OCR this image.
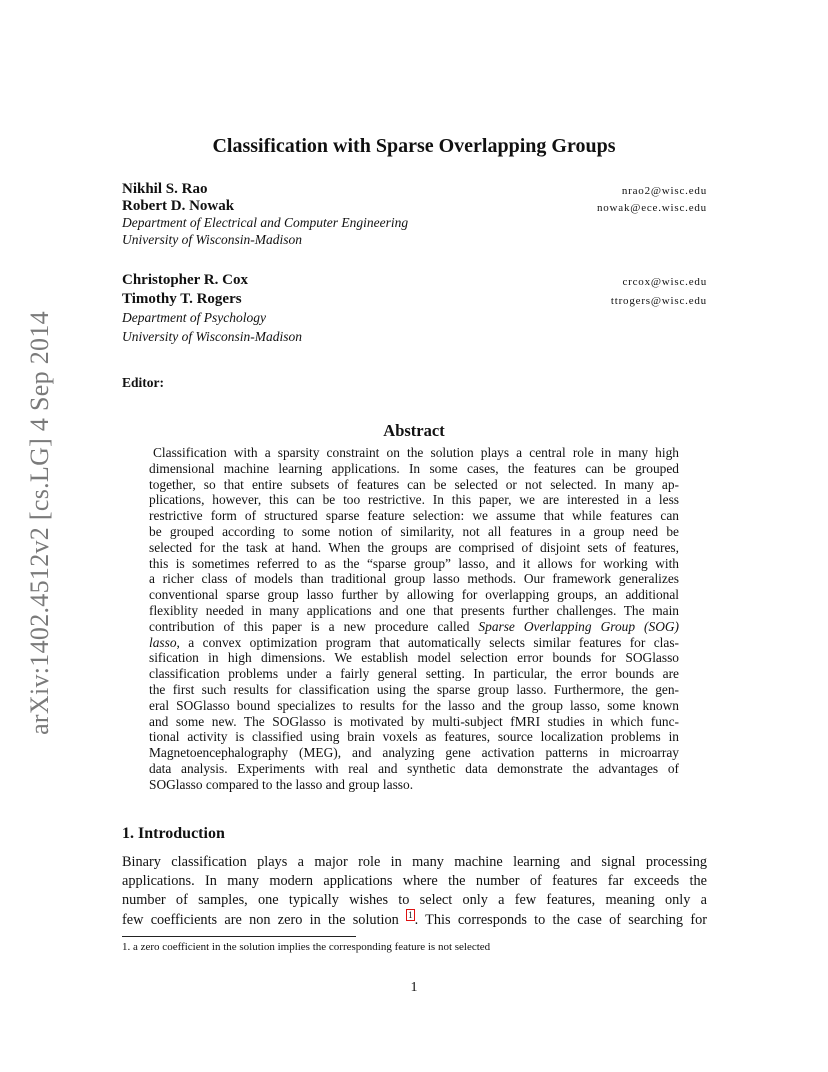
arXiv:1402.4512v2 [cs.LG] 4 Sep 2014
Classification with Sparse Overlapping Groups
Nikhil S. Rao	nrao2@wisc.edu
Robert D. Nowak	nowak@ece.wisc.edu
Department of Electrical and Computer Engineering
University of Wisconsin-Madison
Christopher R. Cox	crcox@wisc.edu
Timothy T. Rogers	ttrogers@wisc.edu
Department of Psychology
University of Wisconsin-Madison
Editor:
Abstract
Classification with a sparsity constraint on the solution plays a central role in many high
dimensional machine learning applications. In some cases, the features can be grouped
together, so that entire subsets of features can be selected or not selected. In many ap-
plications, however, this can be too restrictive. In this paper, we are interested in a less
restrictive form of structured sparse feature selection: we assume that while features can
be grouped according to some notion of similarity, not all features in a group need be
selected for the task at hand. When the groups are comprised of disjoint sets of features,
this is sometimes referred to as the “sparse group” lasso, and it allows for working with
a richer class of models than traditional group lasso methods. Our framework generalizes
conventional sparse group lasso further by allowing for overlapping groups, an additional
flexiblity needed in many applications and one that presents further challenges. The main
contribution of this paper is a new procedure called Sparse Overlapping Group (SOG)
lasso, a convex optimization program that automatically selects similar features for clas-
sification in high dimensions. We establish model selection error bounds for SOGlasso
classification problems under a fairly general setting. In particular, the error bounds are
the first such results for classification using the sparse group lasso. Furthermore, the gen-
eral SOGlasso bound specializes to results for the lasso and the group lasso, some known
and some new. The SOGlasso is motivated by multi-subject fMRI studies in which func-
tional activity is classified using brain voxels as features, source localization problems in
Magnetoencephalography (MEG), and analyzing gene activation patterns in microarray
data analysis. Experiments with real and synthetic data demonstrate the advantages of
SOGlasso compared to the lasso and group lasso.
1. Introduction
Binary classification plays a major role in many machine learning and signal processing
applications. In many modern applications where the number of features far exceeds the
number of samples, one typically wishes to select only a few features, meaning only a
few coefficients are non zero in the solution $^1$ . This corresponds to the case of searching for
1. a zero coefficient in the solution implies the corresponding feature is not selected
1
